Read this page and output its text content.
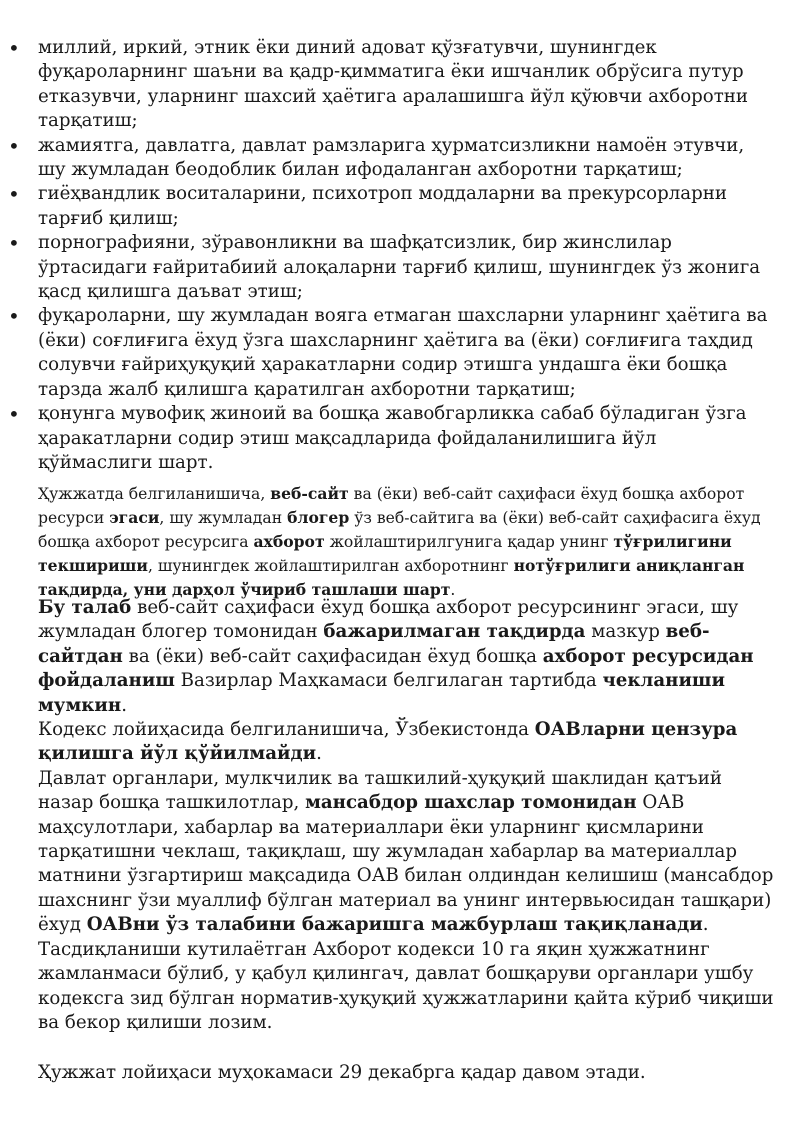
• миллий, иркий, этник ёки диний адоват қўзғатувчи, шунингдек фуқароларнинг шаъни ва қадр-қимматига ёки ишчанлик обрўсига путур етказувчи, уларнинг шахсий ҳаётига аралашишга йўл қўювчи ахборотни тарқатиш;
• жамиятга, давлатга, давлат рамзларига ҳурматсизликни намоён этувчи, шу жумладан беодоблик билан ифодаланган ахборотни тарқатиш;
• гиёҳвандлик воситаларини, психотроп моддаларни ва прекурсорларни тарғиб қилиш;
• порнографияни, зўравонликни ва шафқатсизлик, бир жинслилар ўртасидаги ғайритабиий алоқаларни тарғиб қилиш, шунингдек ўз жонига қасд қилишга даъват этиш;
• фуқароларни, шу жумладан вояга етмаган шахсларни уларнинг ҳаётига ва (ёки) соғлиғига ёхуд ўзга шахсларнинг ҳаётига ва (ёки) соғлиғига таҳдид солувчи ғайриҳуқуқий ҳаракатларни содир этишга ундашга ёки бошқа тарзда жалб қилишга қаратилган ахборотни тарқатиш;
• қонунга мувофиқ жиноий ва бошқа жавобгарликка сабаб бўладиган ўзга ҳаракатларни содир этиш мақсадларида фойдаланилишига йўл қўймаслиги шарт.

Ҳужжатда белгиланишича, веб-сайт ва (ёки) веб-сайт саҳифаси ёхуд бошқа ахборот ресурси эгаси, шу жумладан блогер ўз веб-сайтига ва (ёки) веб-сайт саҳифасига ёхуд бошқа ахборот ресурсига ахборот жойлаштирилгунига қадар унинг тўғрилигини текшириши, шунингдек жойлаштирилган ахборотнинг нотўғрилиги аниқланган тақдирда, уни дарҳол ўчириб ташлаши шарт.

Бу талаб веб-сайт саҳифаси ёхуд бошқа ахборот ресурсининг эгаси, шу жумладан блогер томонидан бажарилмаган тақдирда мазкур веб-сайтдан ва (ёки) веб-сайт саҳифасидан ёхуд бошқа ахборот ресурсидан фойдаланиш Вазирлар Маҳкамаси белгилаган тартибда чекланиши мумкин.

Кодекс лойиҳасида белгиланишича, Ўзбекистонда ОАВларни цензура қилишга йўл қўйилмайди.

Давлат органлари, мулкчилик ва ташкилий-ҳуқуқий шаклидан қатъий назар бошқа ташкилотлар, мансабдор шахслар томонидан ОАВ маҳсулотлари, хабарлар ва материаллари ёки уларнинг қисмларини тарқатишни чеклаш, тақиқлаш, шу жумладан хабарлар ва материаллар матнини ўзгартириш мақсадида ОАВ билан олдиндан келишиш (мансабдор шахснинг ўзи муаллиф бўлган материал ва унинг интервьюсидан ташқари) ёхуд ОАВни ўз талабини бажаришга мажбурлаш тақиқланади.

Тасдиқланиши кутилаётган Ахборот кодекси 10 га яқин ҳужжатнинг жамланмаси бўлиб, у қабул қилингач, давлат бошқаруви органлари ушбу кодексга зид бўлган норматив-ҳуқуқий ҳужжатларини қайта кўриб чиқиши ва бекор қилиши лозим.

Ҳужжат лойиҳаси муҳокамаси 29 декабрга қадар давом этади.
